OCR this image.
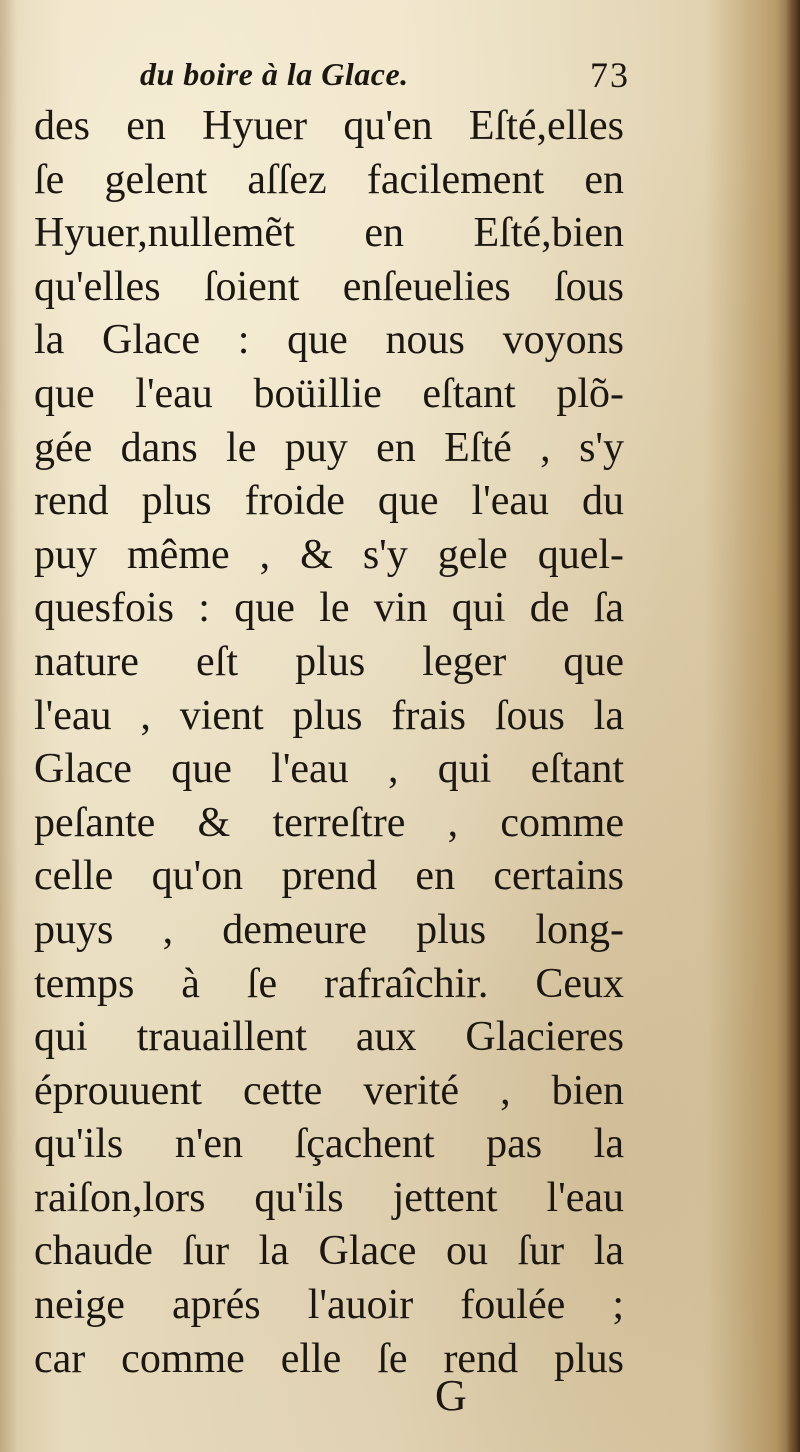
du boire à la Glace.	73
des en Hyuer qu'en Eſté,elles
ſe gelent aſſez facilement en
Hyuer,nullemẽt en Eſté,bien
qu'elles ſoient enſeuelies ſous
la Glace : que nous voyons
que l'eau boüillie eſtant plõ-
gée dans le puy en Eſté , s'y
rend plus froide que l'eau du
puy même , & s'y gele quel-
quesfois : que le vin qui de ſa
nature eſt plus leger que
l'eau , vient plus frais ſous la
Glace que l'eau , qui eſtant
peſante & terreſtre , comme
celle qu'on prend en certains
puys , demeure plus long-
temps à ſe rafraîchir. Ceux
qui trauaillent aux Glacieres
éprouuent cette verité , bien
qu'ils n'en ſçachent pas la
raiſon,lors qu'ils jettent l'eau
chaude ſur la Glace ou ſur la
neige aprés l'auoir foulée ;
car comme elle ſe rend plus
G
